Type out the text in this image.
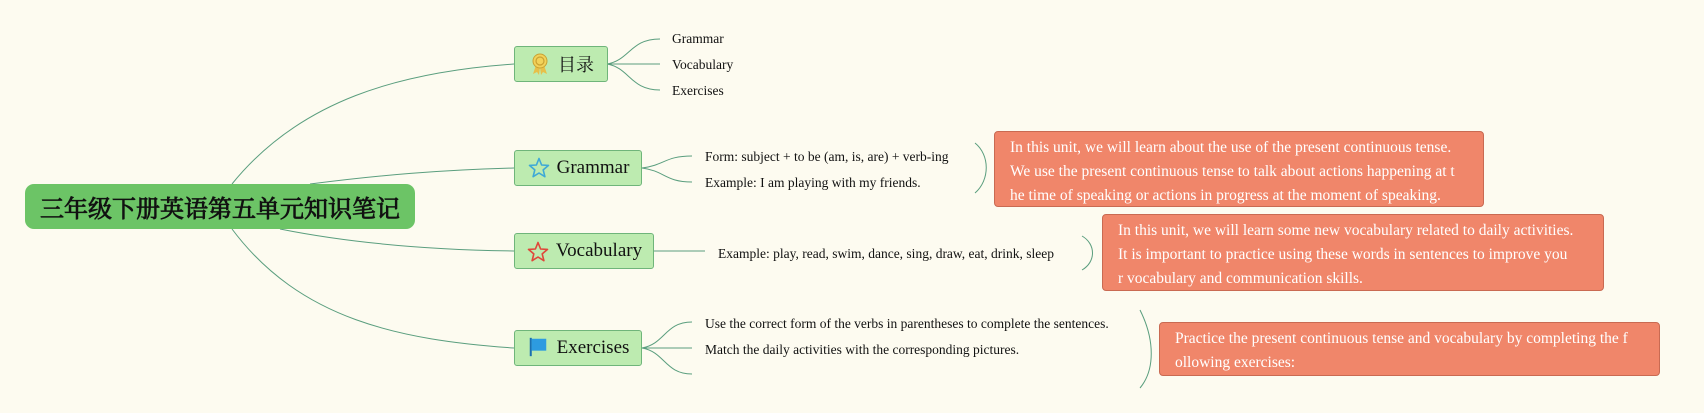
三年级下册英语第五单元知识笔记
目录
Grammar
Vocabulary
Exercises
Grammar
Form: subject + to be (am, is, are) + verb-ing
Example: I am playing with my friends.
In this unit, we will learn about the use of the present continuous tense.
We use the present continuous tense to talk about actions happening at t
he time of speaking or actions in progress at the moment of speaking.
Vocabulary	Example: play, read, swim, dance, sing, draw, eat, drink, sleep
In this unit, we will learn some new vocabulary related to daily activities.
It is important to practice using these words in sentences to improve you
r vocabulary and communication skills.
Exercises
Use the correct form of the verbs in parentheses to complete the sentences.
Match the daily activities with the corresponding pictures.
Practice the present continuous tense and vocabulary by completing the f
ollowing exercises:
